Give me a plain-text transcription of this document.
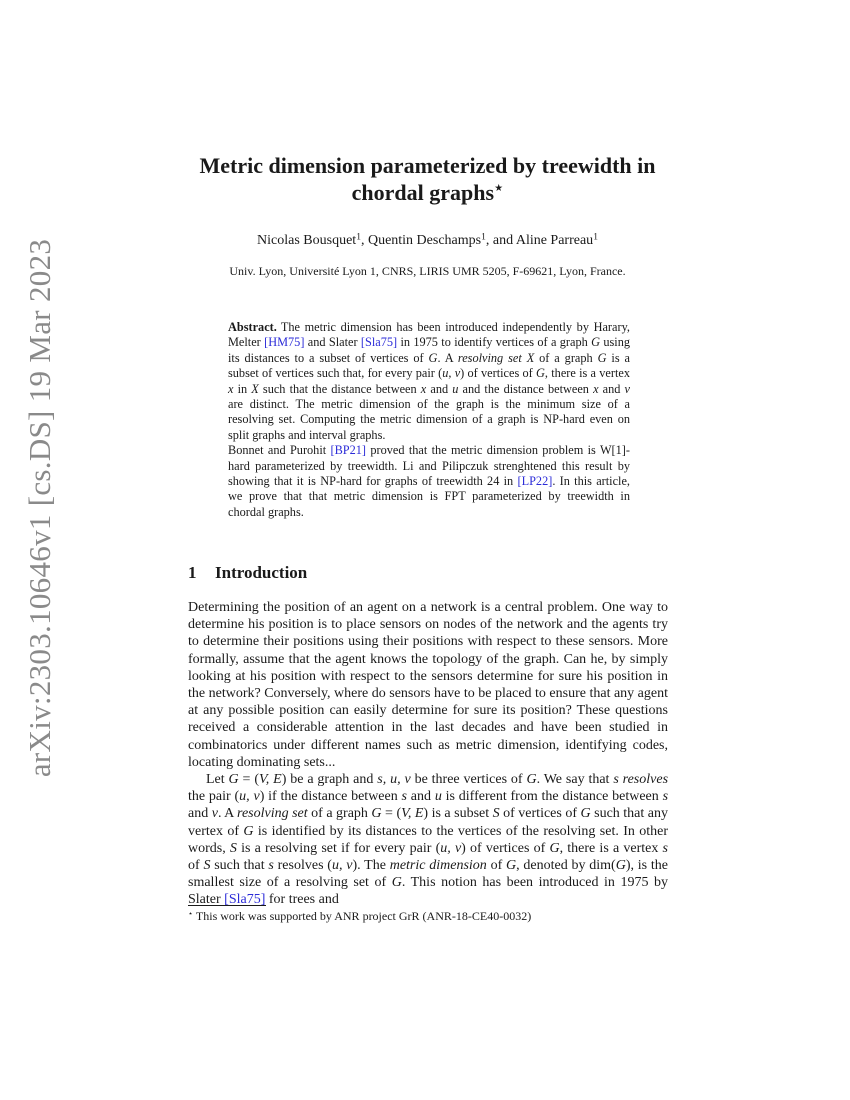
arXiv:2303.10646v1 [cs.DS] 19 Mar 2023
Metric dimension parameterized by treewidth in
chordal graphs⋆
Nicolas Bousquet$^1$, Quentin Deschamps$^1$, and Aline Parreau$^1$
Univ. Lyon, Université Lyon 1, CNRS, LIRIS UMR 5205, F-69621, Lyon, France.

Abstract. The metric dimension has been introduced independently by Harary, Melter [HM75] and Slater [Sla75] in 1975 to identify vertices of a graph G using its distances to a subset of vertices of G. A resolving set X of a graph G is a subset of vertices such that, for every pair (u, v) of vertices of G, there is a vertex x in X such that the distance between x and u and the distance between x and v are distinct. The metric dimension of the graph is the minimum size of a resolving set. Computing the metric dimension of a graph is NP-hard even on split graphs and interval graphs.

Bonnet and Purohit [BP21] proved that the metric dimension problem is W[1]-hard parameterized by treewidth. Li and Pilipczuk strenghtened this result by showing that it is NP-hard for graphs of treewidth 24 in [LP22]. In this article, we prove that that metric dimension is FPT parameterized by treewidth in chordal graphs.

1 Introduction

Determining the position of an agent on a network is a central problem. One way to determine his position is to place sensors on nodes of the network and the agents try to determine their positions using their positions with respect to these sensors. More formally, assume that the agent knows the topology of the graph. Can he, by simply looking at his position with respect to the sensors determine for sure his position in the network? Conversely, where do sensors have to be placed to ensure that any agent at any possible position can easily determine for sure its position? These questions received a considerable attention in the last decades and have been studied in combinatorics under different names such as metric dimension, identifying codes, locating dominating sets...

Let G = (V, E) be a graph and s, u, v be three vertices of G. We say that s resolves the pair (u, v) if the distance between s and u is different from the distance between s and v. A resolving set of a graph G = (V, E) is a subset S of vertices of G such that any vertex of G is identified by its distances to the vertices of the resolving set. In other words, S is a resolving set if for every pair (u, v) of vertices of G, there is a vertex s of S such that s resolves (u, v). The metric dimension of G, denoted by dim(G), is the smallest size of a resolving set of G. This notion has been introduced in 1975 by Slater [Sla75] for trees and

⋆ This work was supported by ANR project GrR (ANR-18-CE40-0032)
